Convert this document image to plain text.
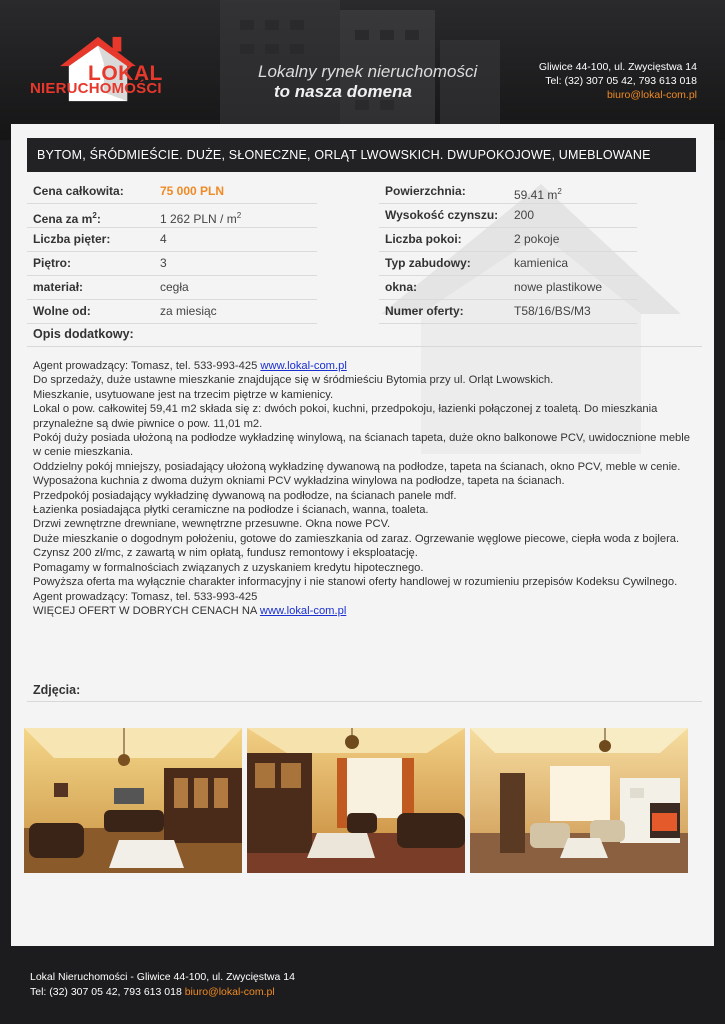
LOKAL
NIERUCHOMOŚCI
Lokalny rynek nieruchomości
to nasza domena
Gliwice 44-100, ul. Zwycięstwa 14
Tel: (32) 307 05 42, 793 613 018
biuro@lokal-com.pl
BYTOM, ŚRÓDMIEŚCIE. DUŻE, SŁONECZNE, ORLĄT LWOWSKICH. DWUPOKOJOWE, UMEBLOWANE
Cena całkowita:	75 000 PLN
Cena za $m^2$:	1 262 PLN / $m^2$
Liczba pięter:	4
Piętro:	3
materiał:	cegła
Wolne od:	za miesiąc
Powierzchnia:	59.41 $m^2$
Wysokość czynszu: 200
Liczba pokoi:	2 pokoje
Typ zabudowy:	kamienica
okna:	nowe plastikowe
Numer oferty:	T58/16/BS/M3
Opis dodatkowy:

Agent prowadzący: Tomasz, tel. 533-993-425 www.lokal-com.pl

Do sprzedaży, duże ustawne mieszkanie znajdujące się w śródmieściu Bytomia przy ul. Orląt Lwowskich.

Mieszkanie, usytuowane jest na trzecim piętrze w kamienicy.

Lokal o pow. całkowitej 59,41 m2 składa się z: dwóch pokoi, kuchni, przedpokoju, łazienki połączonej z toaletą. Do mieszkania przynależne są dwie piwnice o pow. 11,01 m2.

Pokój duży posiada ułożoną na podłodze wykładzinę winylową, na ścianach tapeta, duże okno balkonowe PCV, uwidocznione meble w cenie mieszkania.

Oddzielny pokój mniejszy, posiadający ułożoną wykładzinę dywanową na podłodze, tapeta na ścianach, okno PCV, meble w cenie.

Wyposażona kuchnia z dwoma dużym okniami PCV wykładzina winylowa na podłodze, tapeta na ścianach.

Przedpokój posiadający wykładzinę dywanową na podłodze, na ścianach panele mdf.

Łazienka posiadająca płytki ceramiczne na podłodze i ścianach, wanna, toaleta.

Drzwi zewnętrzne drewniane, wewnętrzne przesuwne. Okna nowe PCV.

Duże mieszkanie o dogodnym położeniu, gotowe do zamieszkania od zaraz. Ogrzewanie węglowe piecowe, ciepła woda z bojlera.

Czynsz 200 zł/mc, z zawartą w nim opłatą, fundusz remontowy i eksploatację.

Pomagamy w formalnościach związanych z uzyskaniem kredytu hipotecznego.

Powyższa oferta ma wyłącznie charakter informacyjny i nie stanowi oferty handlowej w rozumieniu przepisów Kodeksu Cywilnego.

Agent prowadzący: Tomasz, tel. 533-993-425

WIĘCEJ OFERT W DOBRYCH CENACH NA www.lokal-com.pl

Zdjęcia:
Lokal Nieruchomości - Gliwice 44-100, ul. Zwycięstwa 14
Tel: (32) 307 05 42, 793 613 018 biuro@lokal-com.pl
